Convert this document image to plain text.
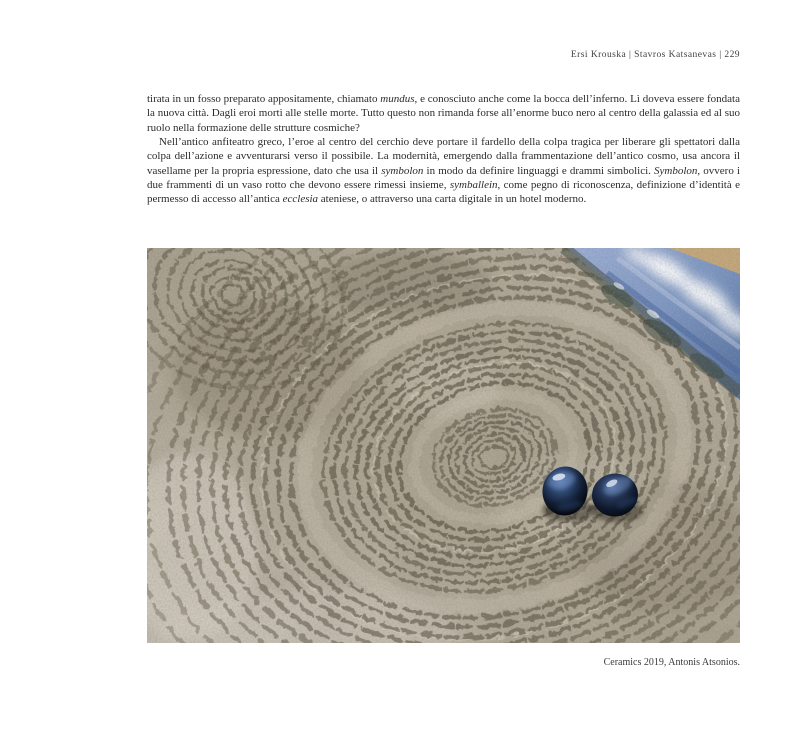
Ersi Krouska | Stavros Katsanevas | 229

tirata in un fosso preparato appositamente, chiamato mundus, e conosciuto anche come la bocca dell’inferno. Lì doveva essere fondata la nuova città. Dagli eroi morti alle stelle morte. Tutto questo non rimanda forse all’enorme buco nero al centro della galassia ed al suo ruolo nella formazione delle strutture cosmiche?

Nell’antico anfiteatro greco, l’eroe al centro del cerchio deve portare il fardello della colpa tragica per liberare gli spettatori dalla colpa dell’azione e avventurarsi verso il possibile. La modernità, emergendo dalla frammentazione dell’antico cosmo, usa ancora il vasellame per la propria espressione, dato che usa il symbolon in modo da definire linguaggi e drammi simbolici. Symbolon, ovvero i due frammenti di un vaso rotto che devono essere rimessi insieme, symballein, come pegno di riconoscenza, definizione d’identità e permesso di accesso all’antica ecclesia ateniese, o attraverso una carta digitale in un hotel moderno.

Ceramics 2019, Antonis Atsonios.
